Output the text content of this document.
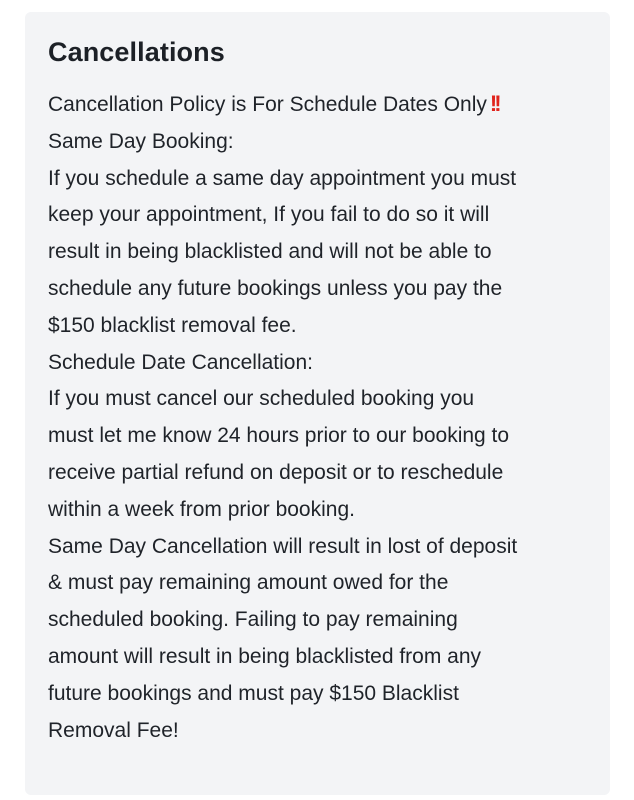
Cancellations
Cancellation Policy is For Schedule Dates Only !!
Same Day Booking:
If you schedule a same day appointment you must
keep your appointment, If you fail to do so it will
result in being blacklisted and will not be able to
schedule any future bookings unless you pay the
$150 blacklist removal fee.
Schedule Date Cancellation:
If you must cancel our scheduled booking you
must let me know 24 hours prior to our booking to
receive partial refund on deposit or to reschedule
within a week from prior booking.
Same Day Cancellation will result in lost of deposit
& must pay remaining amount owed for the
scheduled booking. Failing to pay remaining
amount will result in being blacklisted from any
future bookings and must pay $150 Blacklist
Removal Fee!
